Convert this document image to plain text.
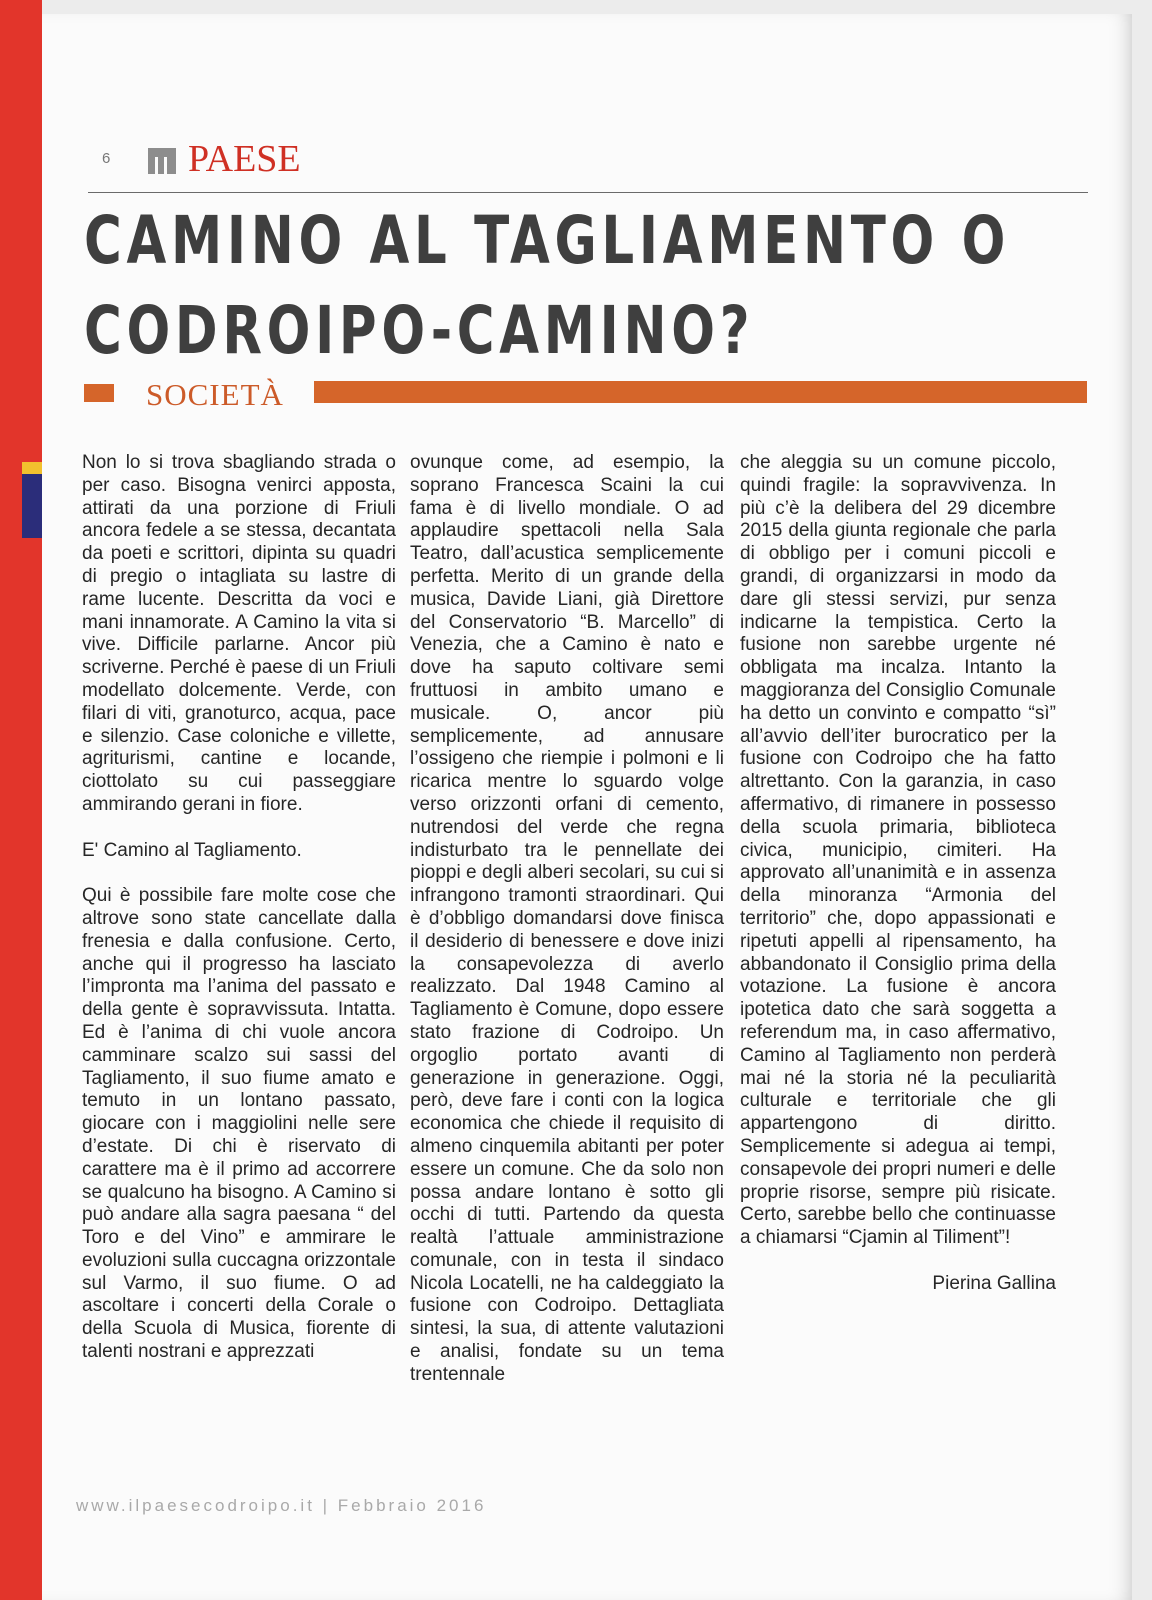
6 PAESE
CAMINO AL TAGLIAMENTO O
CODROIPO-CAMINO?
SOCIETÀ

Non lo si trova sbagliando strada o per caso. Bisogna venirci apposta, attirati da una porzione di Friuli ancora fedele a se stessa, decantata da poeti e scrittori, dipinta su quadri di pregio o intagliata su lastre di rame lucente. Descritta da voci e mani innamorate. A Camino la vita si vive. Difficile parlarne. Ancor più scriverne. Perché è paese di un Friuli modellato dolcemente. Verde, con filari di viti, granoturco, acqua, pace e silenzio. Case coloniche e villette, agriturismi, cantine e locande, ciottolato su cui passeggiare ammirando gerani in fiore.

E' Camino al Tagliamento.

Qui è possibile fare molte cose che altrove sono state cancellate dalla frenesia e dalla confusione. Certo, anche qui il progresso ha lasciato l’impronta ma l’anima del passato e della gente è sopravvissuta. Intatta. Ed è l’anima di chi vuole ancora camminare scalzo sui sassi del Tagliamento, il suo fiume amato e temuto in un lontano passato, giocare con i maggiolini nelle sere d’estate. Di chi è riservato di carattere ma è il primo ad accorrere se qualcuno ha bisogno. A Camino si può andare alla sagra paesana “ del Toro e del Vino” e ammirare le evoluzioni sulla cuccagna orizzontale sul Varmo, il suo fiume. O ad ascoltare i concerti della Corale o della Scuola di Musica, fiorente di talenti nostrani e apprezzati

ovunque come, ad esempio, la soprano Francesca Scaini la cui fama è di livello mondiale. O ad applaudire spettacoli nella Sala Teatro, dall’acustica semplicemente perfetta. Merito di un grande della musica, Davide Liani, già Direttore del Conservatorio “B. Marcello” di Venezia, che a Camino è nato e dove ha saputo coltivare semi fruttuosi in ambito umano e musicale. O, ancor più semplicemente, ad annusare l’ossigeno che riempie i polmoni e li ricarica mentre lo sguardo volge verso orizzonti orfani di cemento, nutrendosi del verde che regna indisturbato tra le pennellate dei pioppi e degli alberi secolari, su cui si infrangono tramonti straordinari. Qui è d’obbligo domandarsi dove finisca il desiderio di benessere e dove inizi la consapevolezza di averlo realizzato. Dal 1948 Camino al Tagliamento è Comune, dopo essere stato frazione di Codroipo. Un orgoglio portato avanti di generazione in generazione. Oggi, però, deve fare i conti con la logica economica che chiede il requisito di almeno cinquemila abitanti per poter essere un comune. Che da solo non possa andare lontano è sotto gli occhi di tutti. Partendo da questa realtà l’attuale amministrazione comunale, con in testa il sindaco Nicola Locatelli, ne ha caldeggiato la fusione con Codroipo. Dettagliata sintesi, la sua, di attente valutazioni e analisi, fondate su un tema trentennale

che aleggia su un comune piccolo, quindi fragile: la sopravvivenza. In più c’è la delibera del 29 dicembre 2015 della giunta regionale che parla di obbligo per i comuni piccoli e grandi, di organizzarsi in modo da dare gli stessi servizi, pur senza indicarne la tempistica. Certo la fusione non sarebbe urgente né obbligata ma incalza. Intanto la maggioranza del Consiglio Comunale ha detto un convinto e compatto “sì” all’avvio dell’iter burocratico per la fusione con Codroipo che ha fatto altrettanto. Con la garanzia, in caso affermativo, di rimanere in possesso della scuola primaria, biblioteca civica, municipio, cimiteri. Ha approvato all’unanimità e in assenza della minoranza “Armonia del territorio” che, dopo appassionati e ripetuti appelli al ripensamento, ha abbandonato il Consiglio prima della votazione. La fusione è ancora ipotetica dato che sarà soggetta a referendum ma, in caso affermativo, Camino al Tagliamento non perderà mai né la storia né la peculiarità culturale e territoriale che gli appartengono di diritto. Semplicemente si adegua ai tempi, consapevole dei propri numeri e delle proprie risorse, sempre più risicate. Certo, sarebbe bello che continuasse a chiamarsi “Cjamin al Tiliment”!

Pierina Gallina

www.ilpaesecodroipo.it | Febbraio 2016
